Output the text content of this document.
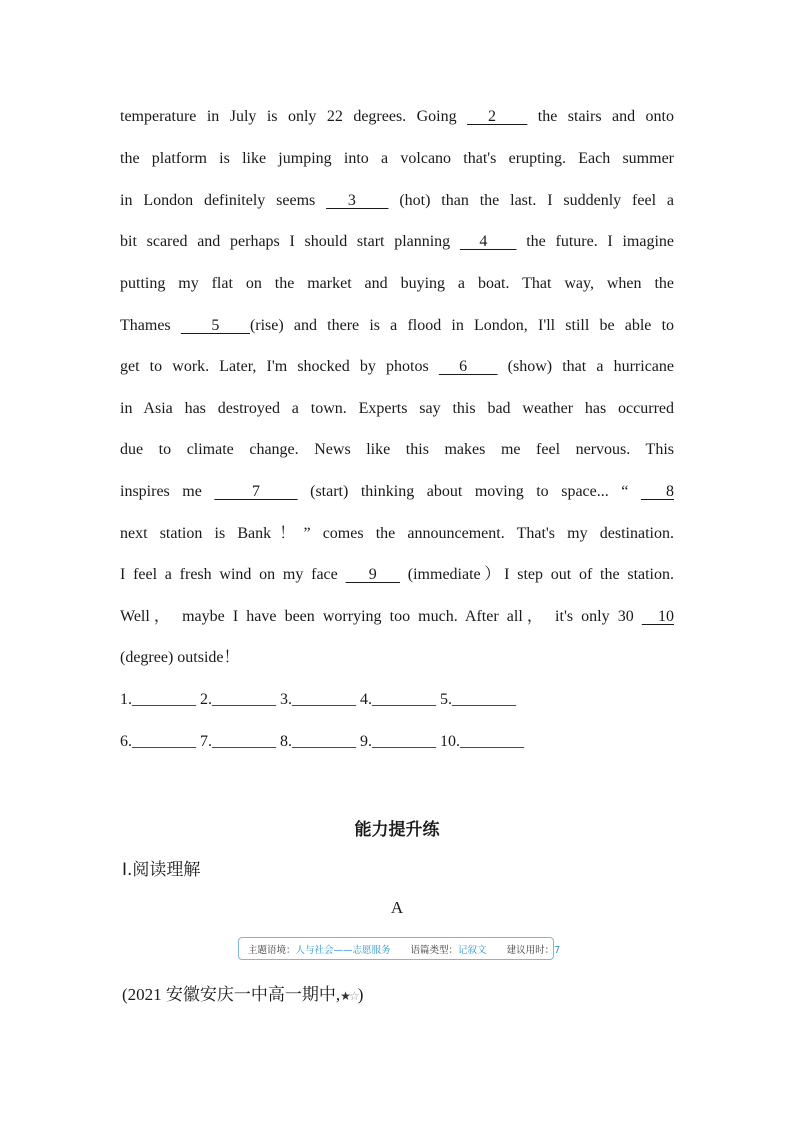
temperature in July is only 22 degrees. Going   2    the stairs and onto
the platform is like jumping into a volcano that's erupting. Each summer
in London definitely seems   3    (hot) than the last. I suddenly feel a
bit scared and perhaps I should start planning   4    the future. I imagine
putting my flat on the market and buying a boat. That way, when the
Thames    5   (rise) and there is a flood in London, I'll still be able to
get to work. Later, I'm shocked by photos   6    (show) that a hurricane
in Asia has destroyed a town. Experts say this bad weather has occurred
due to climate change. News like this makes me feel nervous. This
inspires me    7    (start) thinking about moving to space... “   8
next station is Bank！” comes the announcement. That's my destination.
I feel a fresh wind on my face    9    (immediate）I step out of the station.
Well， maybe I have been worrying too much. After all， it's only 30   10
(degree) outside！
1.________ 2.________ 3.________ 4.________ 5.________
6.________ 7.________ 8.________ 9.________ 10.________
能力提升练
Ⅰ.阅读理解
A
主题语境：人与社会——志愿服务 语篇类型：记叙文 建议用时：7
(2021 安徽安庆一中高一期中,★☆)
